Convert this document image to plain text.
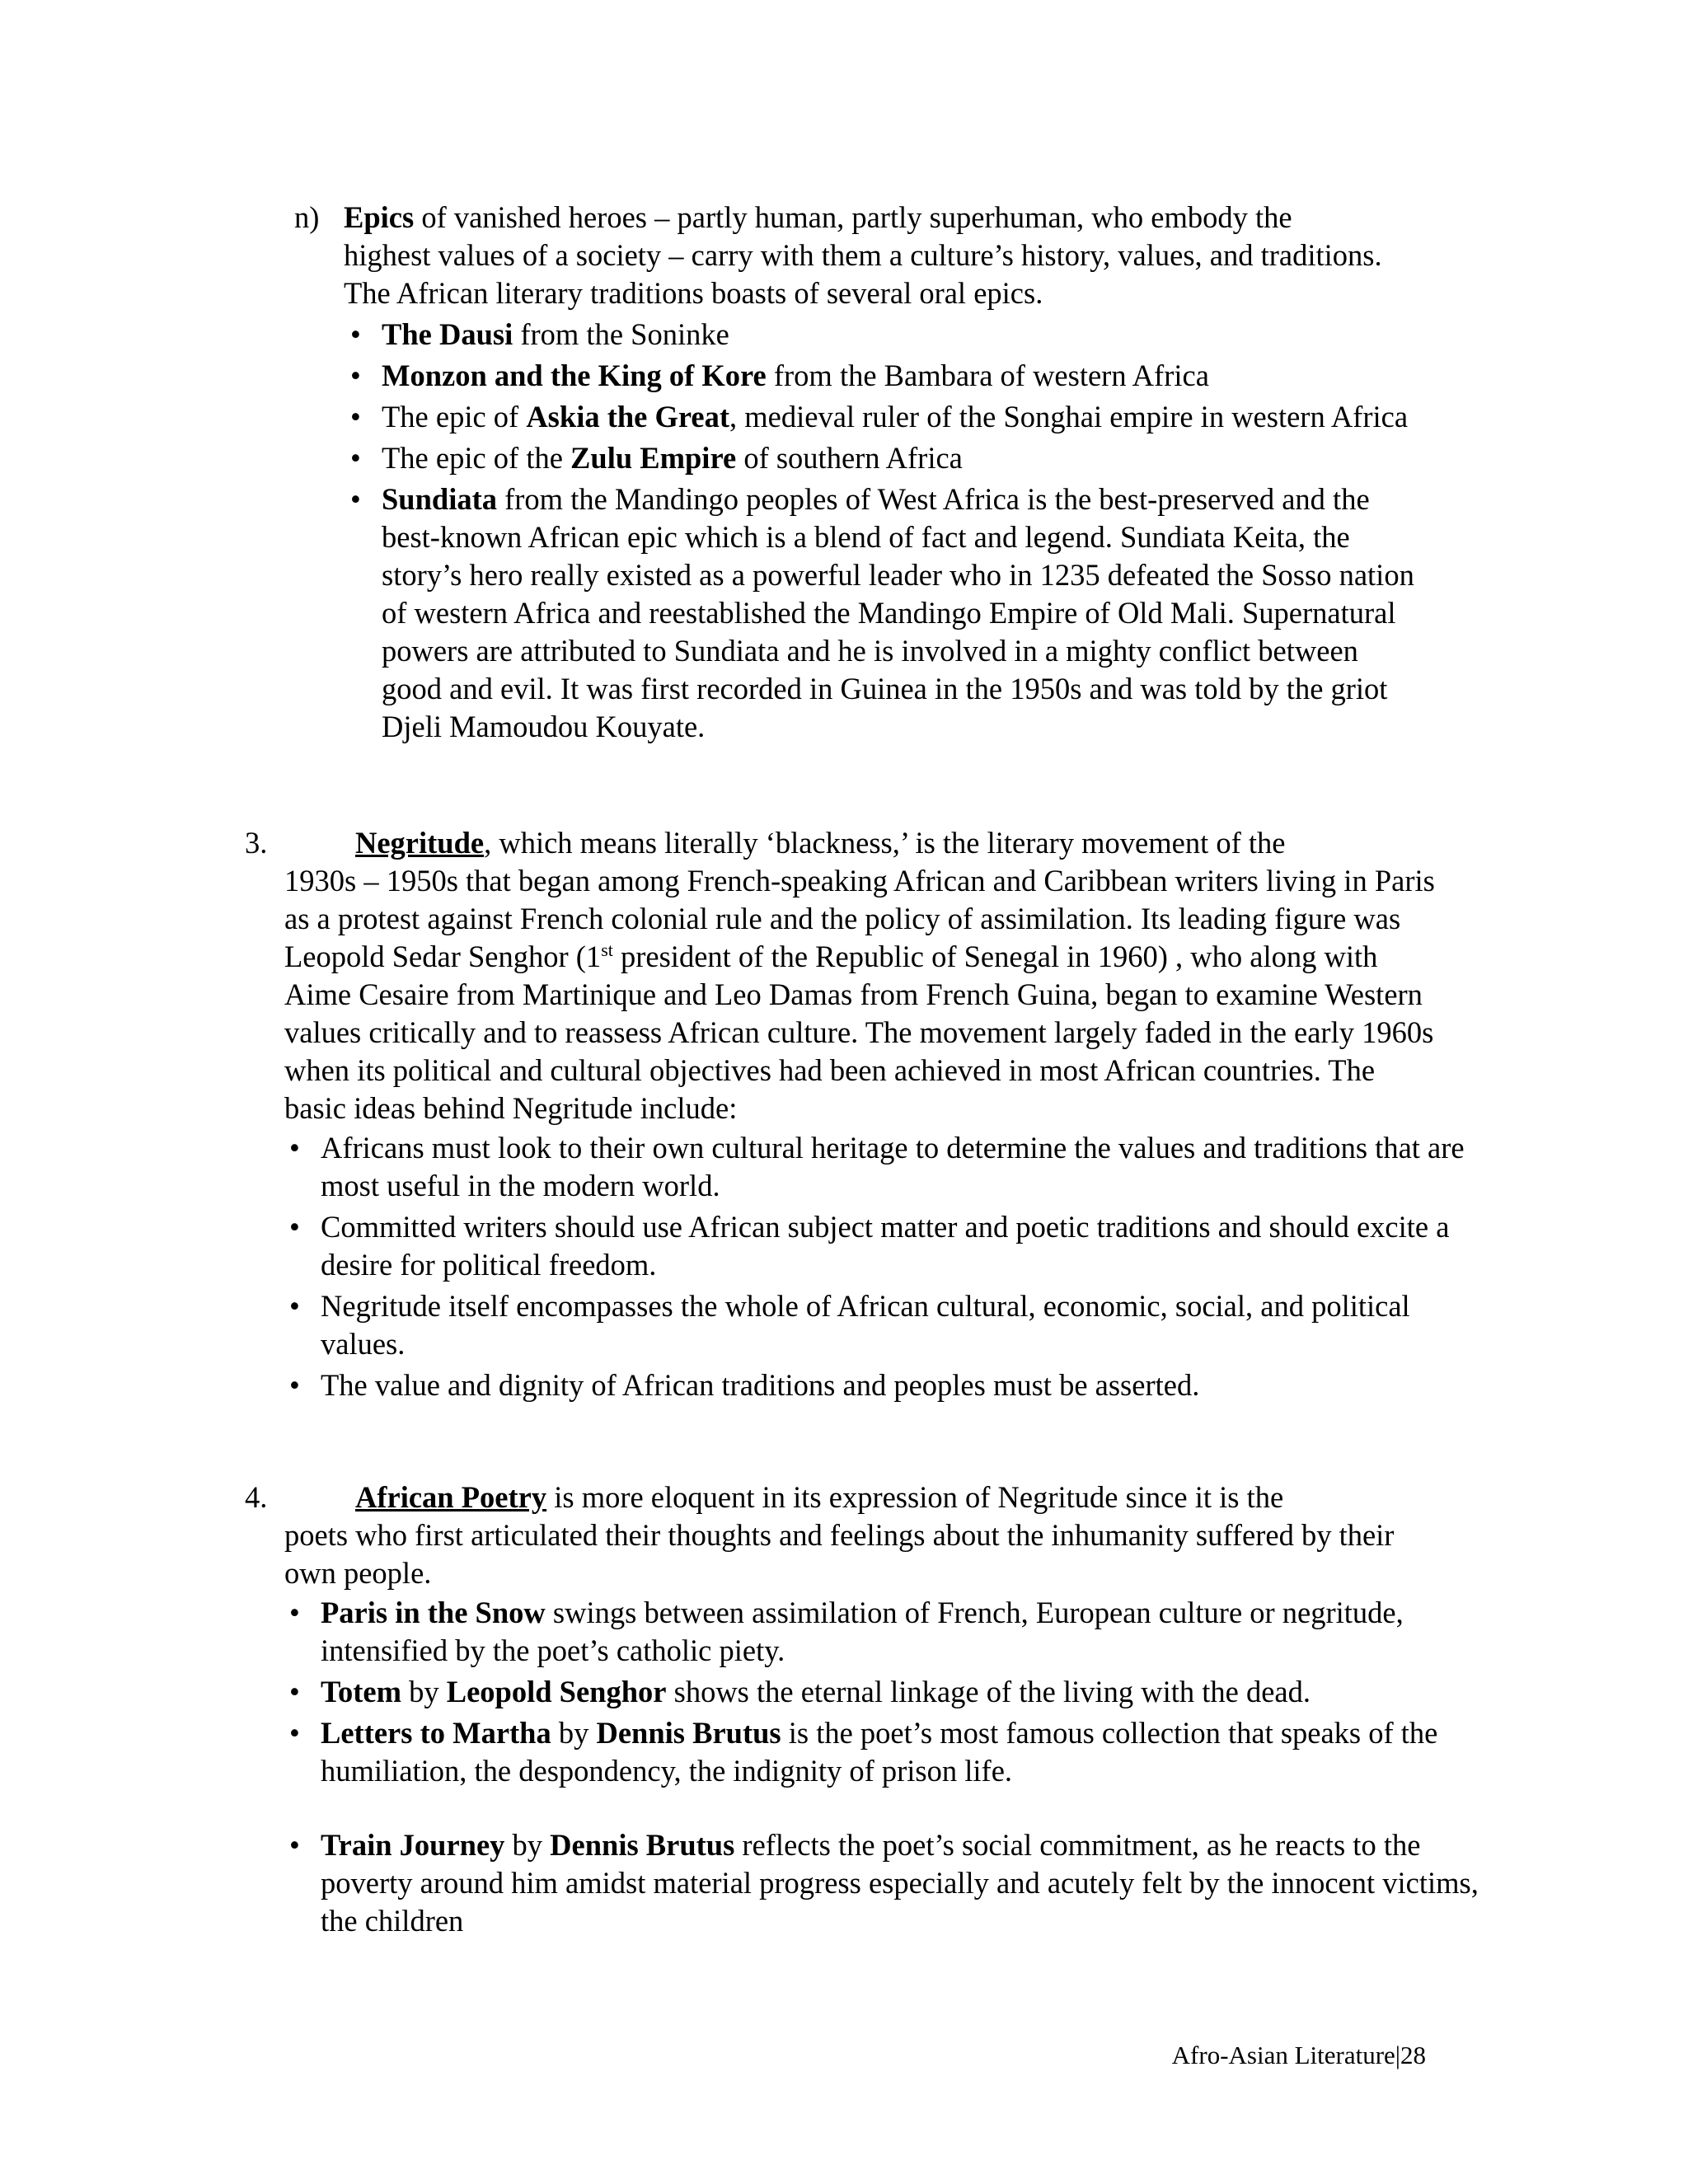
n) Epics of vanished heroes – partly human, partly superhuman, who embody the highest values of a society – carry with them a culture’s history, values, and traditions. The African literary traditions boasts of several oral epics.

• The Dausi from the Soninke
• Monzon and the King of Kore from the Bambara of western Africa
• The epic of Askia the Great, medieval ruler of the Songhai empire in western Africa
• The epic of the Zulu Empire of southern Africa
• Sundiata from the Mandingo peoples of West Africa is the best-preserved and the best-known African epic which is a blend of fact and legend. Sundiata Keita, the story’s hero really existed as a powerful leader who in 1235 defeated the Sosso nation of western Africa and reestablished the Mandingo Empire of Old Mali. Supernatural powers are attributed to Sundiata and he is involved in a mighty conflict between good and evil. It was first recorded in Guinea in the 1950s and was told by the griot Djeli Mamoudou Kouyate.

3.	Negritude, which means literally ‘blackness,’ is the literary movement of the

1930s – 1950s that began among French-speaking African and Caribbean writers living in Paris as a protest against French colonial rule and the policy of assimilation. Its leading figure was Leopold Sedar Senghor (1st president of the Republic of Senegal in 1960) , who along with Aime Cesaire from Martinique and Leo Damas from French Guina, began to examine Western values critically and to reassess African culture. The movement largely faded in the early 1960s when its political and cultural objectives had been achieved in most African countries. The basic ideas behind Negritude include:

• Africans must look to their own cultural heritage to determine the values and traditions that are most useful in the modern world.
• Committed writers should use African subject matter and poetic traditions and should excite a desire for political freedom.
• Negritude itself encompasses the whole of African cultural, economic, social, and political values.
• The value and dignity of African traditions and peoples must be asserted.

4.	African Poetry is more eloquent in its expression of Negritude since it is the

poets who first articulated their thoughts and feelings about the inhumanity suffered by their own people.

• Paris in the Snow swings between assimilation of French, European culture or negritude, intensified by the poet’s catholic piety.
• Totem by Leopold Senghor shows the eternal linkage of the living with the dead.
• Letters to Martha by Dennis Brutus is the poet’s most famous collection that speaks of the humiliation, the despondency, the indignity of prison life.
• Train Journey by Dennis Brutus reflects the poet’s social commitment, as he reacts to the poverty around him amidst material progress especially and acutely felt by the innocent victims, the children
Afro-Asian Literature|28
